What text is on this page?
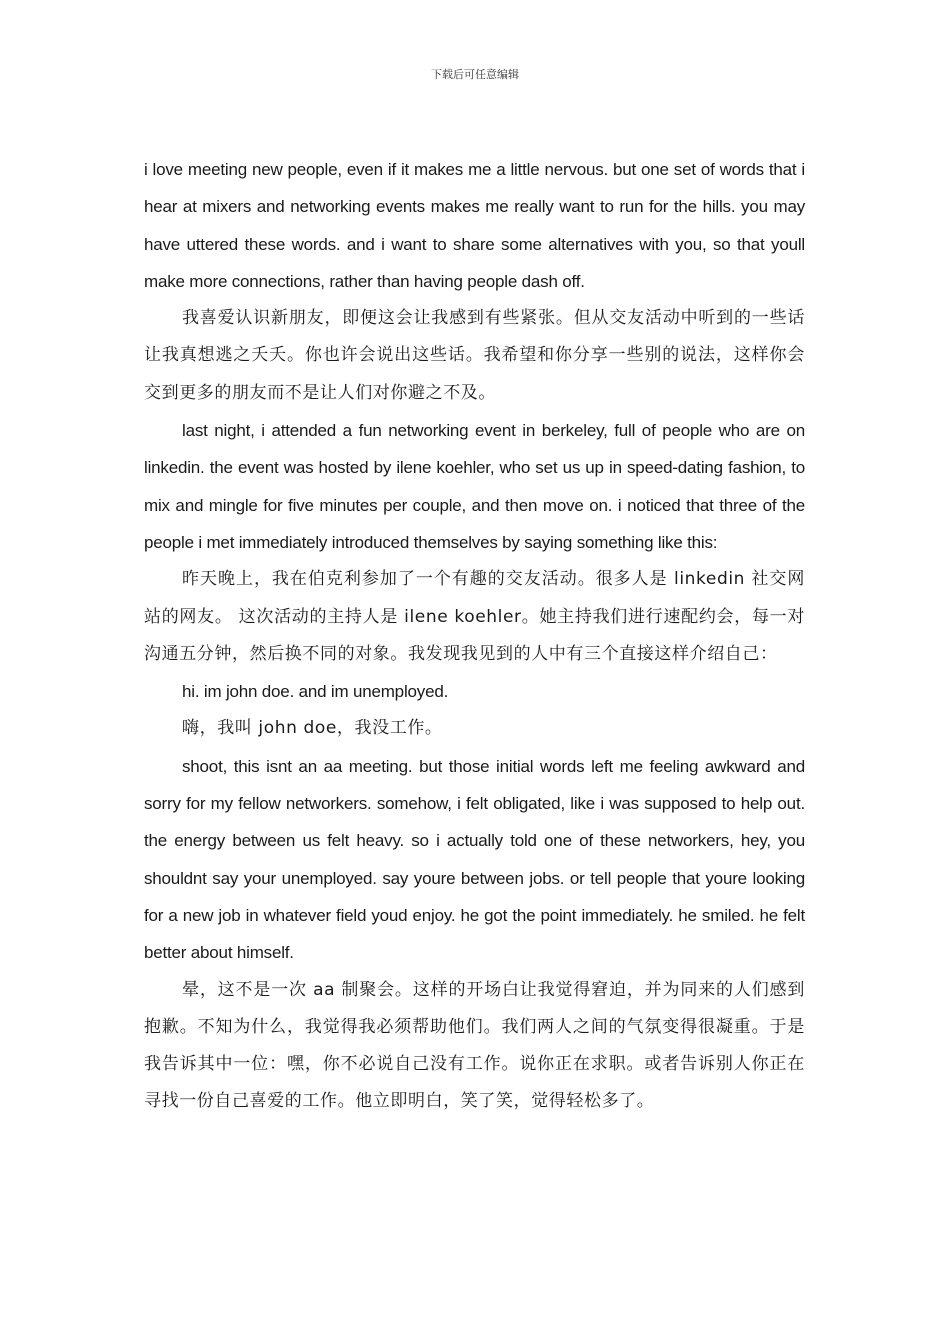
下载后可任意编辑

i love meeting new people, even if it makes me a little nervous. but one set of words that i hear at mixers and networking events makes me really want to run for the hills. you may have uttered these words. and i want to share some alternatives with you, so that youll make more connections, rather than having people dash off.

我喜爱认识新朋友，即便这会让我感到有些紧张。但从交友活动中听到的一些话让我真想逃之夭夭。你也许会说出这些话。我希望和你分享一些别的说法，这样你会交到更多的朋友而不是让人们对你避之不及。

last night, i attended a fun networking event in berkeley, full of people who are on linkedin. the event was hosted by ilene koehler, who set us up in speed-dating fashion, to mix and mingle for five minutes per couple, and then move on. i noticed that three of the people i met immediately introduced themselves by saying something like this:

昨天晚上，我在伯克利参加了一个有趣的交友活动。很多人是 linkedin 社交网站的网友。 这次活动的主持人是 ilene koehler。她主持我们进行速配约会，每一对沟通五分钟，然后换不同的对象。我发现我见到的人中有三个直接这样介绍自己：

hi. im john doe. and im unemployed.

嗨，我叫 john doe，我没工作。

shoot, this isnt an aa meeting. but those initial words left me feeling awkward and sorry for my fellow networkers. somehow, i felt obligated, like i was supposed to help out. the energy between us felt heavy. so i actually told one of these networkers, hey, you shouldnt say your unemployed. say youre between jobs. or tell people that youre looking for a new job in whatever field youd enjoy. he got the point immediately. he smiled. he felt better about himself.

晕，这不是一次 aa 制聚会。这样的开场白让我觉得窘迫，并为同来的人们感到抱歉。不知为什么，我觉得我必须帮助他们。我们两人之间的气氛变得很凝重。于是我告诉其中一位：嘿，你不必说自己没有工作。说你正在求职。或者告诉别人你正在寻找一份自己喜爱的工作。他立即明白，笑了笑，觉得轻松多了。
